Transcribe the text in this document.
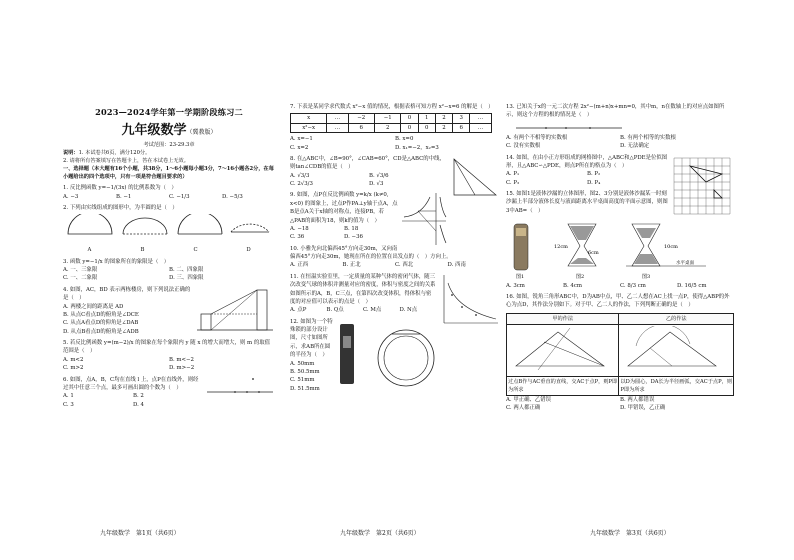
2023—2024学年第一学期阶段练习二
九年级数学（冀教版）
考试范围：23-29.3章
说明：1. 本试卷共6页，满分120分。
2. 请将所有答案填写在答题卡上，答在本试卷上无效。
一、选择题（本大题有16个小题，共38分，1～6小题每小题3分，7～16小题各2分，在每小题给出的四个选项中，只有一项是符合题目要求的）
1. 反比例函数 y=−1/(3x) 的比例系数为（　）
A. −3	B. −1	C. −1/3	D. −5/3
2. 下列由实线组成的图形中，为半圆的是（　）
A	B	C	D
3. 函数 y=−1/x 的图象所在的象限是（　）
A. 一、三象限	B. 二、四象限
C. 一、二象限	D. 三、四象限
4. 如图，AC，BD 表示两栋楼房，则下列说法正确的是（　）
A. 两楼之间的距离是 AD
B. 从点C看点D的俯角是∠DCE
C. 从点A看点D的仰角是∠DAB
D. 从点B看点D的俯角是∠ADB
5. 若反比例函数 y=(m−2)/x 的图象在每个象限内 y 随 x 的增大而增大，则 m 的取值范围是（　）
A. m<2	B. m<−2
C. m>2	D. m>−2
6. 如图，点A，B，C均在直线 l 上，点P在直线外，则经过其中任意三个点，最多可画出圆的个数为（　）
A. 1	B. 2
C. 3	D. 4
7. 下表是某同学求代数式 x²−x 值的情况，根据表格可知方程 x²−x=6 的解是（　）
x	…	−2	−1	0	1	2	3	…
x²−x	…	6	2	0	0	2	6	…
A. x=−1	B. x=0
C. x=2	D. x₁=−2，x₂=3
8. 在△ABC中，∠B=90°，∠CAB=60°，CD是△ABC的中线，则tan∠CDB的值是（　）
A. √3/3	B. √3/6
C. 2√3/3	D. √3
9. 如图，点P在反比例函数 y=k/x (k≠0, x<0) 的图象上，过点P作PA⊥y轴于点A，点B是点A关于x轴的对称点，连接PB，若△PAB的面积为18，则k的值为（　）
A. −18	B. 18
C. 36	D. −36
10. 小雅先向北偏西45°方向走30m，又向南偏西45°方向走30m，她现在所在的位置在出发点的（　）方向上。
A. 正西	B. 正北	C. 西北	D. 西南
11. 在恒温实验室里，一定质量的某种气体的密闭气体，随三次改变气球的体积并测量对应的密度，体积与密度之间的关系如图所示的A，B，C三点，在第四次改变体积，得体积与密度的对应值可以表示的点是（　）
A. 点P	B. Q点	C. M点	D. N点
12. 如图为一个特殊锁的部分设计图，尺寸如图所示，求AB所在圆的半径为（　）
A. 50mm
B. 50.5mm
C. 51mm
D. 51.5mm
13. 已知关于x的一元二次方程 2x²−(m+n)x+mn=0，其中m，n在数轴上的对应点如图所示，则这个方程的根的情况是（　）
A. 有两个不相等的实数根	B. 有两个相等的实数根
C. 没有实数根	D. 无法确定
14. 如图，在由小正方形组成的网格图中，△ABC和△PDE是位似图形，且△ABC∽△PDE，则点P所在的格点为（　）
A. P₁	B. P₂
C. P₃	D. P₄
15. 如图1是液体沙漏的立体图形，图2、3分别是液体沙漏某一时刻沙漏上半部分液体长度与液面距离水平桌面高度的平面示意图，则图3中AB=（　）
图1
12cm
6cm
图2
10cm
水平桌面
图3
A. 3cm	B. 4cm	C. 8/3 cm	D. 16/5 cm
16. 如图，锐角三角形ABC中，D为AB中点，甲、乙二人想在AC上找一点P，使得△ABP的外心为点D，其作法分别如下。对于甲、乙二人的作法，下列判断正确的是（　）
甲的作法	乙的作法

过点B作与AC垂直的直线，交AC于点P，则P即为所求	以D为圆心，DA长为半径画弧，交AC于点P，则P即为所求
A. 甲正确、乙错误	B. 两人都错误
C. 两人都正确	D. 甲错误，乙正确
九年级数学　第1页（共6页）	九年级数学　第2页（共6页）	九年级数学　第3页（共6页）
